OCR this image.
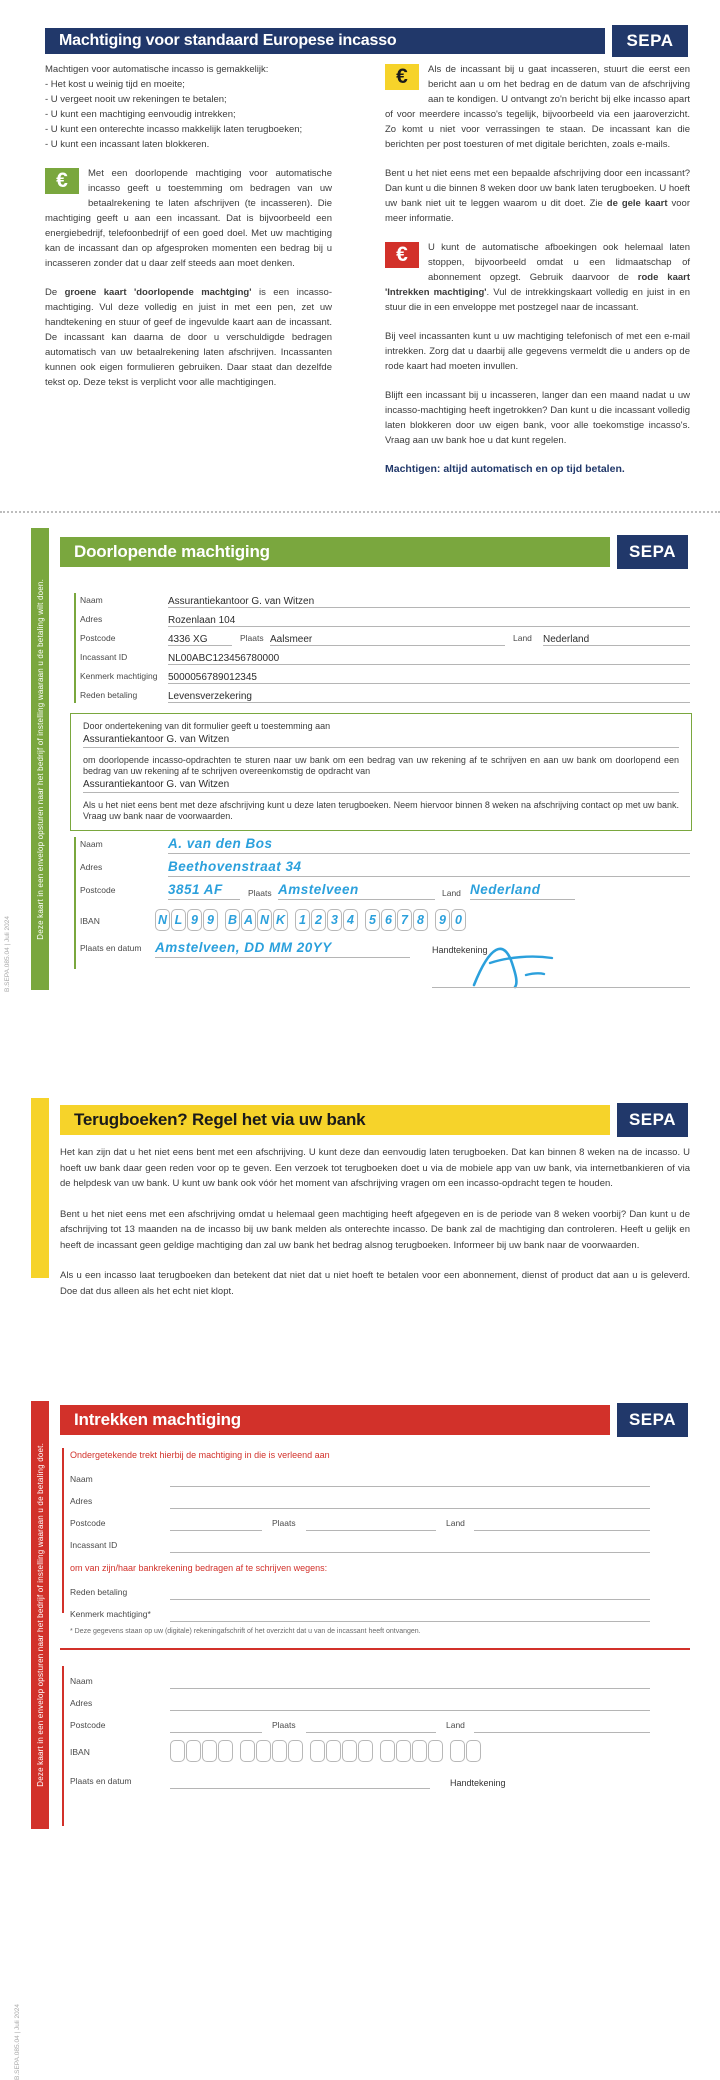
Machtiging voor standaard Europese incasso	SEPA

Machtigen voor automatische incasso is gemakkelijk:

- Het kost u weinig tijd en moeite;

- U vergeet nooit uw rekeningen te betalen;

- U kunt een machtiging eenvoudig intrekken;

- U kunt een onterechte incasso makkelijk laten terugboeken;

- U kunt een incassant laten blokkeren.

€	Met een doorlopende machtiging voor automatische incasso geeft u toestemming om bedragen van uw betaalrekening te laten afschrijven (te incasseren). Die machtiging geeft u aan een incassant. Dat is bijvoorbeeld een energiebedrijf, telefoonbedrijf of een goed doel. Met uw machtiging kan de incassant dan op afgesproken momenten een bedrag bij u incasseren zonder dat u daar zelf steeds aan moet denken.

De groene kaart 'doorlopende machtging' is een incasso-machtiging. Vul deze volledig en juist in met een pen, zet uw handtekening en stuur of geef de ingevulde kaart aan de incassant. De incassant kan daarna de door u verschuldigde bedragen automatisch van uw betaalrekening laten afschrijven. Incassanten kunnen ook eigen formulieren gebruiken. Daar staat dan dezelfde tekst op. Deze tekst is verplicht voor alle machtigingen.

€	Als de incassant bij u gaat incasseren, stuurt die eerst een bericht aan u om het bedrag en de datum van de afschrijving aan te kondigen. U ontvangt zo'n bericht bij elke incasso apart of voor meerdere incasso's tegelijk, bijvoorbeeld via een jaaroverzicht. Zo komt u niet voor verrassingen te staan. De incassant kan die berichten per post toesturen of met digitale berichten, zoals e-mails.

Bent u het niet eens met een bepaalde afschrijving door een incassant? Dan kunt u die binnen 8 weken door uw bank laten terugboeken. U hoeft uw bank niet uit te leggen waarom u dit doet. Zie de gele kaart voor meer informatie.

€	U kunt de automatische afboekingen ook helemaal laten stoppen, bijvoorbeeld omdat u een lidmaatschap of abonnement opzegt. Gebruik daarvoor de rode kaart 'Intrekken machtiging'. Vul de intrekkingskaart volledig en juist in en stuur die in een enveloppe met postzegel naar de incassant.

Bij veel incassanten kunt u uw machtiging telefonisch of met een e-mail intrekken. Zorg dat u daarbij alle gegevens vermeldt die u anders op de rode kaart had moeten invullen.

Blijft een incassant bij u incasseren, langer dan een maand nadat u uw incasso-machtiging heeft ingetrokken? Dan kunt u die incassant volledig laten blokkeren door uw eigen bank, voor alle toekomstige incasso's. Vraag aan uw bank hoe u dat kunt regelen.

Machtigen: altijd automatisch en op tijd betalen.

Deze kaart in een envelop opsturen naar het bedrijf of instelling waaraan u de betaling wilt doen.
B.SEPA.085.04 | Juli 2024
Doorlopende machtiging	SEPA
Naam	Assurantiekantoor G. van Witzen
Adres	Rozenlaan 104
Postcode	4336 XG	Plaats Aalsmeer	Land Nederland
Incassant ID	NL00ABC123456780000
Kenmerk machtiging 5000056789012345
Reden betaling	Levensverzekering

Door ondertekening van dit formulier geeft u toestemming aan

Assurantiekantoor G. van Witzen

om doorlopende incasso-opdrachten te sturen naar uw bank om een bedrag van uw rekening af te schrijven en aan uw bank om doorlopend een bedrag van uw rekening af te schrijven overeenkomstig de opdracht van

Assurantiekantoor G. van Witzen

Als u het niet eens bent met deze afschrijving kunt u deze laten terugboeken. Neem hiervoor binnen 8 weken na afschrijving contact op met uw bank. Vraag uw bank naar de voorwaarden.

Naam	A. van den Bos
Adres	Beethovenstraat 34
Postcode	3851 AF	Plaats Amstelveen	Land Nederland
IBAN	N L 9 9	B A N K	1 2 3 4	5 6 7 8	9 0
Plaats en datum Amstelveen, DD MM 20YY	Handtekening
Terugboeken? Regel het via uw bank	SEPA

Het kan zijn dat u het niet eens bent met een afschrijving. U kunt deze dan eenvoudig laten terugboeken. Dat kan binnen 8 weken na de incasso. U hoeft uw bank daar geen reden voor op te geven. Een verzoek tot terugboeken doet u via de mobiele app van uw bank, via internetbankieren of via de helpdesk van uw bank. U kunt uw bank ook vóór het moment van afschrijving vragen om een incasso-opdracht tegen te houden.

Bent u het niet eens met een afschrijving omdat u helemaal geen machtiging heeft afgegeven en is de periode van 8 weken voorbij? Dan kunt u de afschrijving tot 13 maanden na de incasso bij uw bank melden als onterechte incasso. De bank zal de machtiging dan controleren. Heeft u gelijk en heeft de incassant geen geldige machtiging dan zal uw bank het bedrag alsnog terugboeken. Informeer bij uw bank naar de voorwaarden.

Als u een incasso laat terugboeken dan betekent dat niet dat u niet hoeft te betalen voor een abonnement, dienst of product dat aan u is geleverd. Doe dat dus alleen als het echt niet klopt.

Deze kaart in een envelop opsturen naar het bedrijf of instelling waaraan u de betaling doet.
Intrekken machtiging	SEPA
Ondergetekende trekt hierbij de machtiging in die is verleend aan
Naam
Adres
Postcode	Plaats	Land
Incassant ID
om van zijn/haar bankrekening bedragen af te schrijven wegens:
Reden betaling
Kenmerk machtiging*
* Deze gegevens staan op uw (digitale) rekeningafschrift of het overzicht dat u van de incassant heeft ontvangen.
Naam
Adres
Postcode	Plaats	Land
IBAN
Plaats en datum	Handtekening
B.SEPA.085.04 | Juli 2024
